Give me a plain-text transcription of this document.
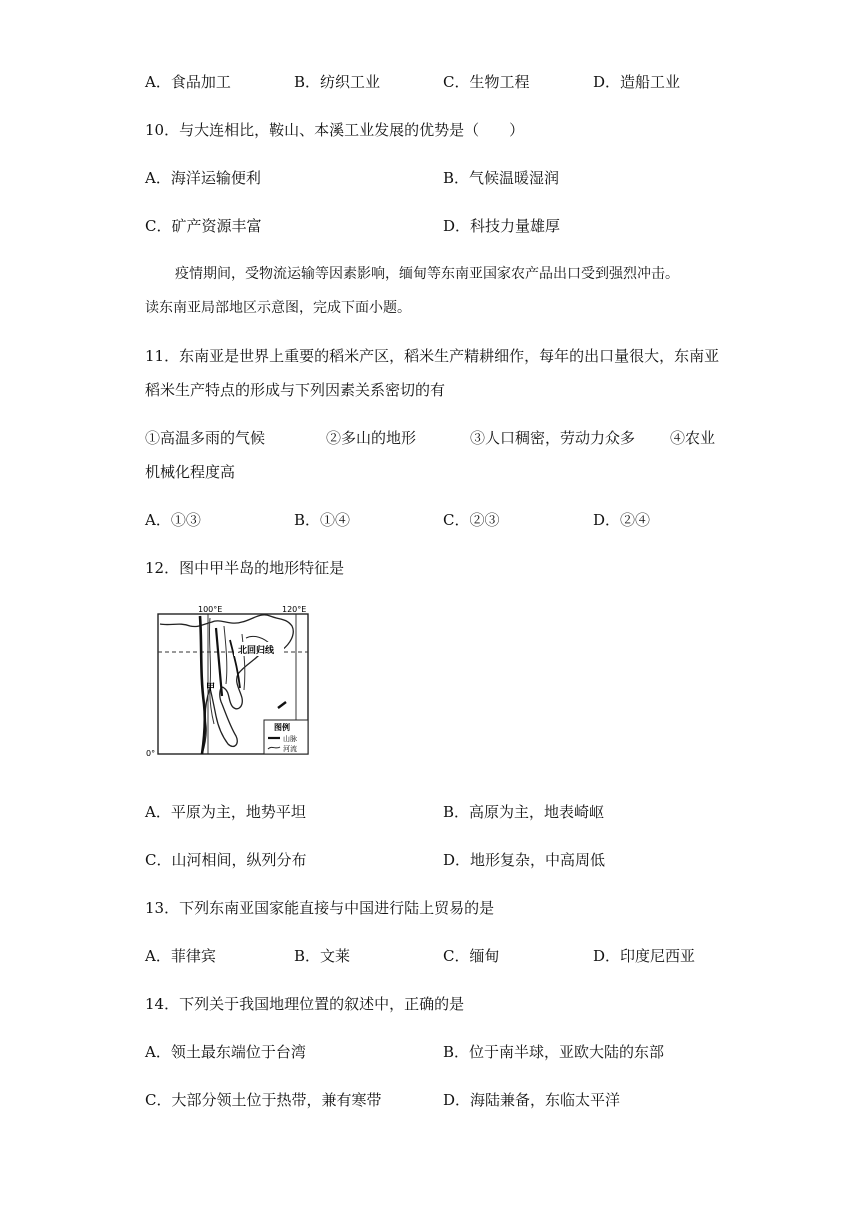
A．食品加工	B．纺织工业	C．生物工程	D．造船工业
10．与大连相比，鞍山、本溪工业发展的优势是（　　）
A．海洋运输便利	B．气候温暖湿润
C．矿产资源丰富	D．科技力量雄厚
疫情期间，受物流运输等因素影响，缅甸等东南亚国家农产品出口受到强烈冲击。
读东南亚局部地区示意图，完成下面小题。
11．东南亚是世界上重要的稻米产区，稻米生产精耕细作，每年的出口量很大，东南亚
稻米生产特点的形成与下列因素关系密切的有
①高温多雨的气候	②多山的地形	③人口稠密，劳动力众多 ④农业
机械化程度高
A．①③	B．①④	C．②③	D．②④
12．图中甲半岛的地形特征是
北回归线
100°E	120°E
0°
甲
图例
山脉
河流
A．平原为主，地势平坦	B．高原为主，地表崎岖
C．山河相间，纵列分布	D．地形复杂，中高周低
13．下列东南亚国家能直接与中国进行陆上贸易的是
A．菲律宾	B．文莱	C．缅甸	D．印度尼西亚
14．下列关于我国地理位置的叙述中，正确的是
A．领土最东端位于台湾	B．位于南半球，亚欧大陆的东部
C．大部分领土位于热带，兼有寒带	D．海陆兼备，东临太平洋
